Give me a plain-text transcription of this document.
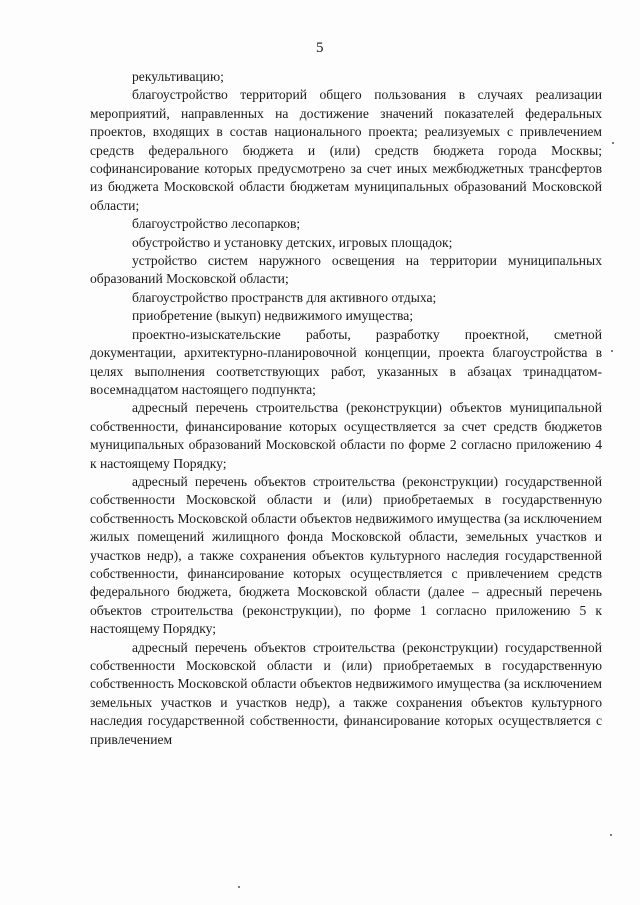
5

рекультивацию;

благоустройство территорий общего пользования в случаях реализации мероприятий, направленных на достижение значений показателей федеральных проектов, входящих в состав национального проекта; реализуемых с привлечением средств федерального бюджета и (или) средств бюджета города Москвы; софинансирование которых предусмотрено за счет иных межбюджетных трансфертов из бюджета Московской области бюджетам муниципальных образований Московской области;

благоустройство лесопарков;

обустройство и установку детских, игровых площадок;

устройство систем наружного освещения на территории муниципальных образований Московской области;

благоустройство пространств для активного отдыха;

приобретение (выкуп) недвижимого имущества;

проектно-изыскательские работы, разработку проектной, сметной документации, архитектурно-планировочной концепции, проекта благоустройства в целях выполнения соответствующих работ, указанных в абзацах тринадцатом-восемнадцатом настоящего подпункта;

адресный перечень строительства (реконструкции) объектов муниципальной собственности, финансирование которых осуществляется за счет средств бюджетов муниципальных образований Московской области по форме 2 согласно приложению 4 к настоящему Порядку;

адресный перечень объектов строительства (реконструкции) государственной собственности Московской области и (или) приобретаемых в государственную собственность Московской области объектов недвижимого имущества (за исключением жилых помещений жилищного фонда Московской области, земельных участков и участков недр), а также сохранения объектов культурного наследия государственной собственности, финансирование которых осуществляется с привлечением средств федерального бюджета, бюджета Московской области (далее – адресный перечень объектов строительства (реконструкции), по форме 1 согласно приложению 5 к настоящему Порядку;

адресный перечень объектов строительства (реконструкции) государственной собственности Московской области и (или) приобретаемых в государственную собственность Московской области объектов недвижимого имущества (за исключением земельных участков и участков недр), а также сохранения объектов культурного наследия государственной собственности, финансирование которых осуществляется с привлечением
